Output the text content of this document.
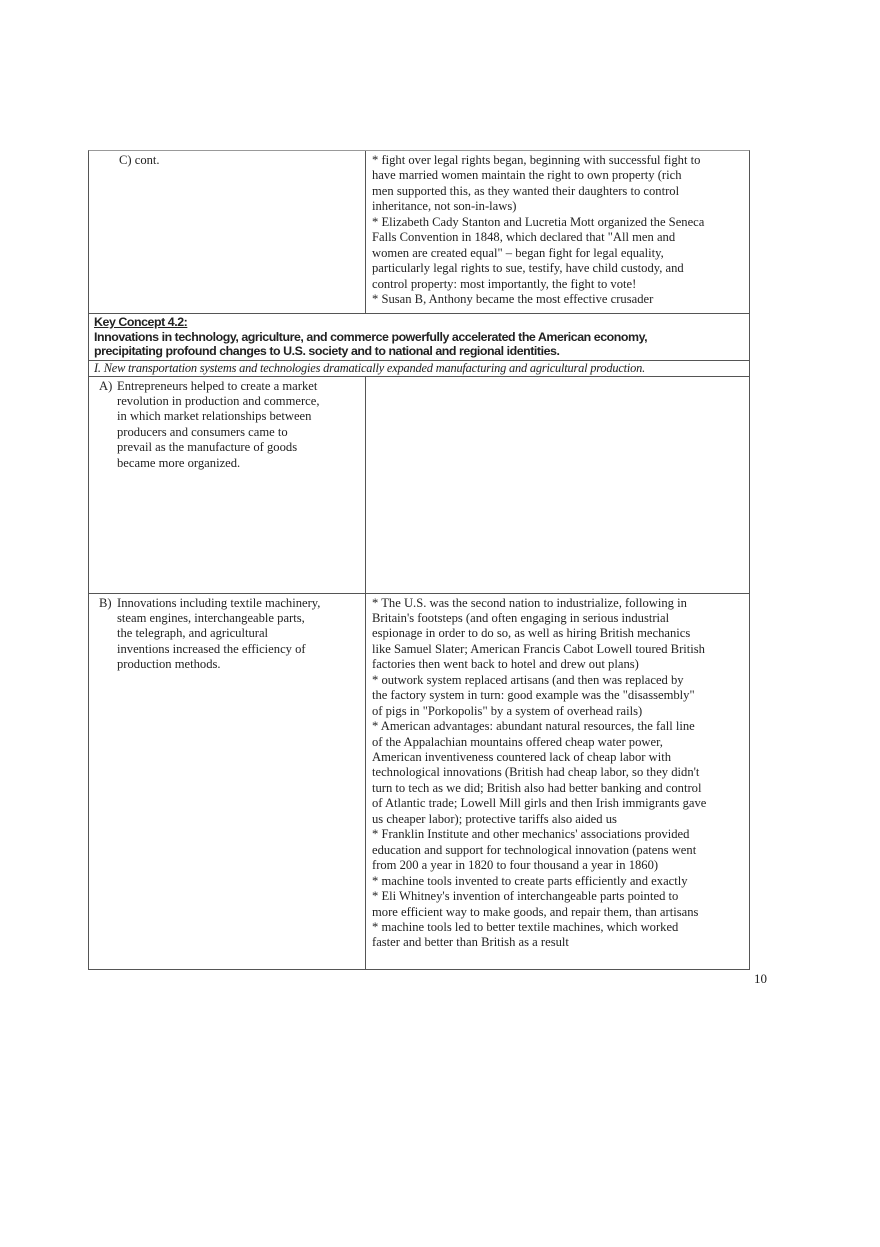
C) cont.	* fight over legal rights began, beginning with successful fight to
have married women maintain the right to own property (rich
men supported this, as they wanted their daughters to control
inheritance, not son-in-laws)
* Elizabeth Cady Stanton and Lucretia Mott organized the Seneca
Falls Convention in 1848, which declared that "All men and
women are created equal" – began fight for legal equality,
particularly legal rights to sue, testify, have child custody, and
control property: most importantly, the fight to vote!
* Susan B, Anthony became the most effective crusader
Key Concept 4.2:
Innovations in technology, agriculture, and commerce powerfully accelerated the American economy,
precipitating profound changes to U.S. society and to national and regional identities.
I. New transportation systems and technologies dramatically expanded manufacturing and agricultural production.
A) Entrepreneurs helped to create a market
revolution in production and commerce,
in which market relationships between
producers and consumers came to
prevail as the manufacture of goods
became more organized.
B) Innovations including textile machinery,
steam engines, interchangeable parts,
the telegraph, and agricultural
inventions increased the efficiency of
production methods.
* The U.S. was the second nation to industrialize, following in
Britain's footsteps (and often engaging in serious industrial
espionage in order to do so, as well as hiring British mechanics
like Samuel Slater; American Francis Cabot Lowell toured British
factories then went back to hotel and drew out plans)
* outwork system replaced artisans (and then was replaced by
the factory system in turn: good example was the "disassembly"
of pigs in "Porkopolis" by a system of overhead rails)
* American advantages: abundant natural resources, the fall line
of the Appalachian mountains offered cheap water power,
American inventiveness countered lack of cheap labor with
technological innovations (British had cheap labor, so they didn't
turn to tech as we did; British also had better banking and control
of Atlantic trade; Lowell Mill girls and then Irish immigrants gave
us cheaper labor); protective tariffs also aided us
* Franklin Institute and other mechanics' associations provided
education and support for technological innovation (patens went
from 200 a year in 1820 to four thousand a year in 1860)
* machine tools invented to create parts efficiently and exactly
* Eli Whitney's invention of interchangeable parts pointed to
more efficient way to make goods, and repair them, than artisans
* machine tools led to better textile machines, which worked
faster and better than British as a result
10
